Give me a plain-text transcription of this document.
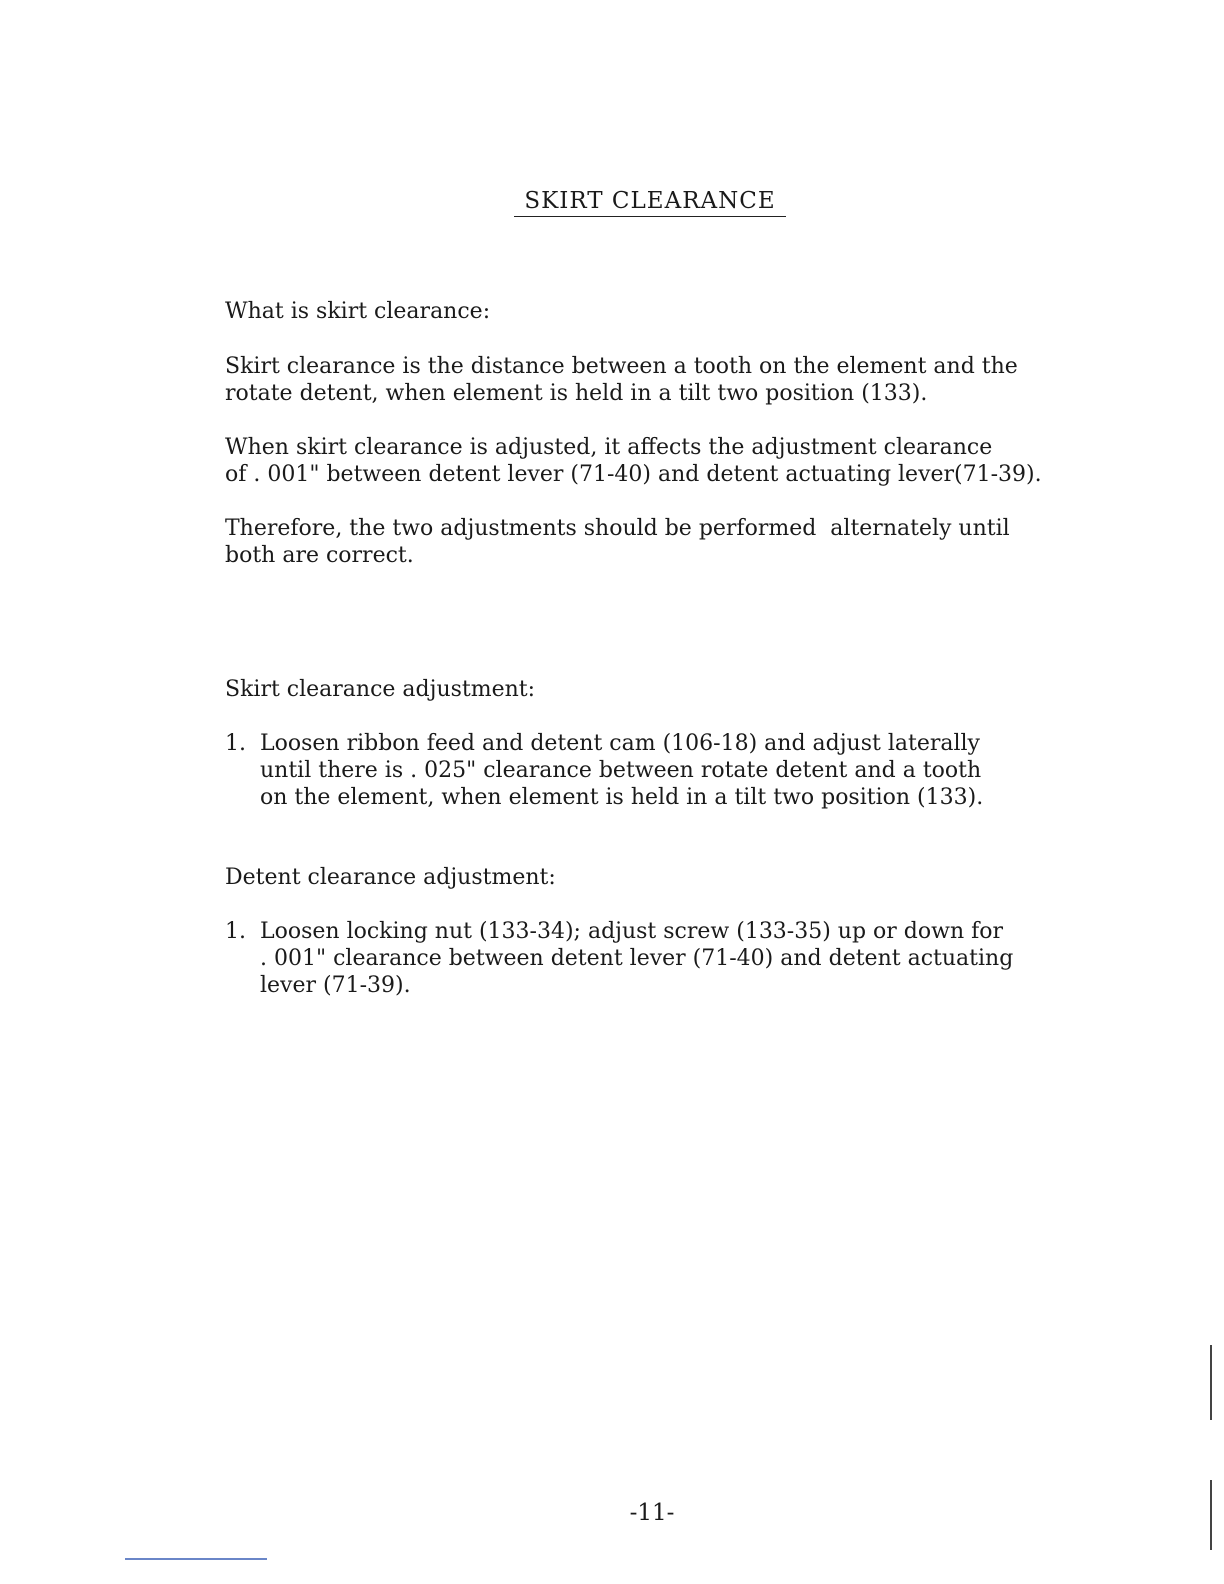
SKIRT CLEARANCE
What is skirt clearance:
Skirt clearance is the distance between a tooth on the element and the
rotate detent, when element is held in a tilt two position (133).
When skirt clearance is adjusted, it affects the adjustment clearance
of . 001" between detent lever (71-40) and detent actuating lever(71-39).
Therefore, the two adjustments should be performed  alternately until
both are correct.
Skirt clearance adjustment:
1. Loosen ribbon feed and detent cam (106-18) and adjust laterally
until there is . 025" clearance between rotate detent and a tooth
on the element, when element is held in a tilt two position (133).
Detent clearance adjustment:
1. Loosen locking nut (133-34); adjust screw (133-35) up or down for
. 001" clearance between detent lever (71-40) and detent actuating
lever (71-39).
-11-
